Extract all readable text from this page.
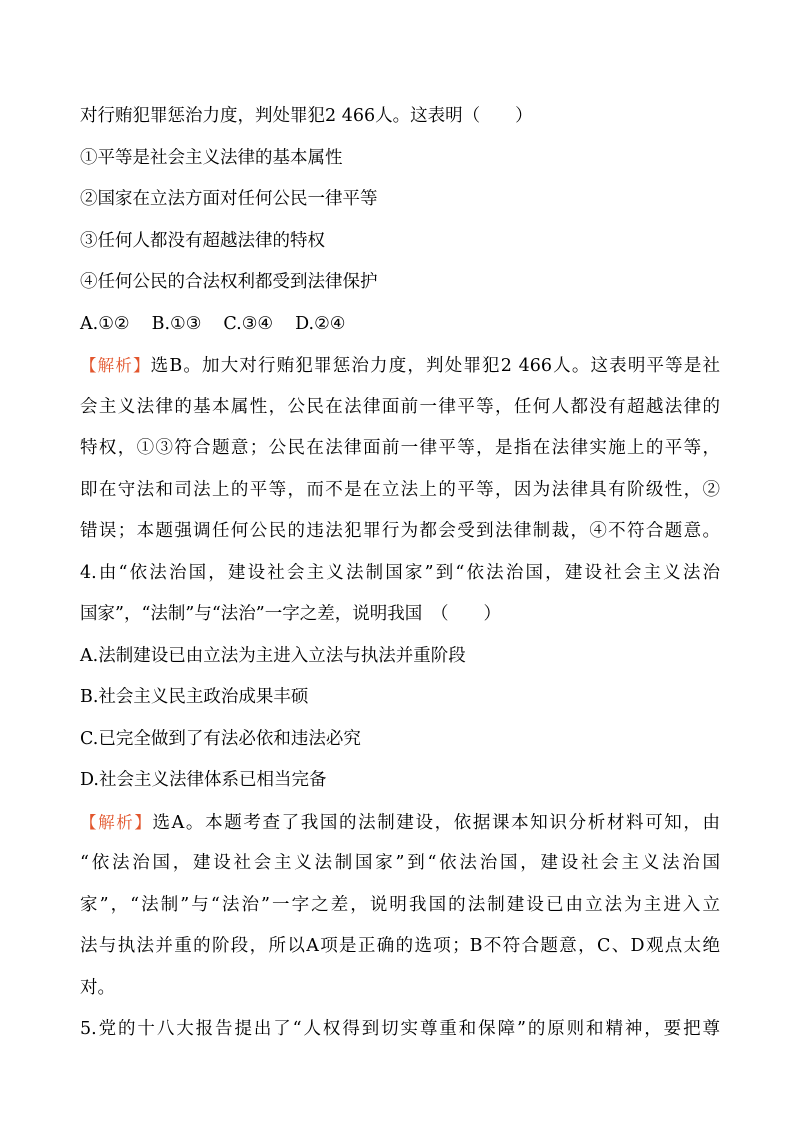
对行贿犯罪惩治力度，判处罪犯2 466人。这表明（　　）
①平等是社会主义法律的基本属性
②国家在立法方面对任何公民一律平等
③任何人都没有超越法律的特权
④任何公民的合法权利都受到法律保护
A.①② B.①③ C.③④ D.②④
【解析】选B。加大对行贿犯罪惩治力度，判处罪犯2 466人。这表明平等是社
会主义法律的基本属性，公民在法律面前一律平等，任何人都没有超越法律的
特权，①③符合题意；公民在法律面前一律平等，是指在法律实施上的平等，
即在守法和司法上的平等，而不是在立法上的平等，因为法律具有阶级性，②
错误；本题强调任何公民的违法犯罪行为都会受到法律制裁，④不符合题意。
4.由“依法治国，建设社会主义法制国家”到“依法治国，建设社会主义法治
国家”，“法制”与“法治”一字之差，说明我国　（　　）
A.法制建设已由立法为主进入立法与执法并重阶段
B.社会主义民主政治成果丰硕
C.已完全做到了有法必依和违法必究
D.社会主义法律体系已相当完备
【解析】选A。本题考查了我国的法制建设，依据课本知识分析材料可知，由
“依法治国，建设社会主义法制国家”到“依法治国，建设社会主义法治国
家”，“法制”与“法治”一字之差，说明我国的法制建设已由立法为主进入立
法与执法并重的阶段，所以A项是正确的选项；B不符合题意，C、D观点太绝
对。
5.党的十八大报告提出了“人权得到切实尊重和保障”的原则和精神，要把尊
